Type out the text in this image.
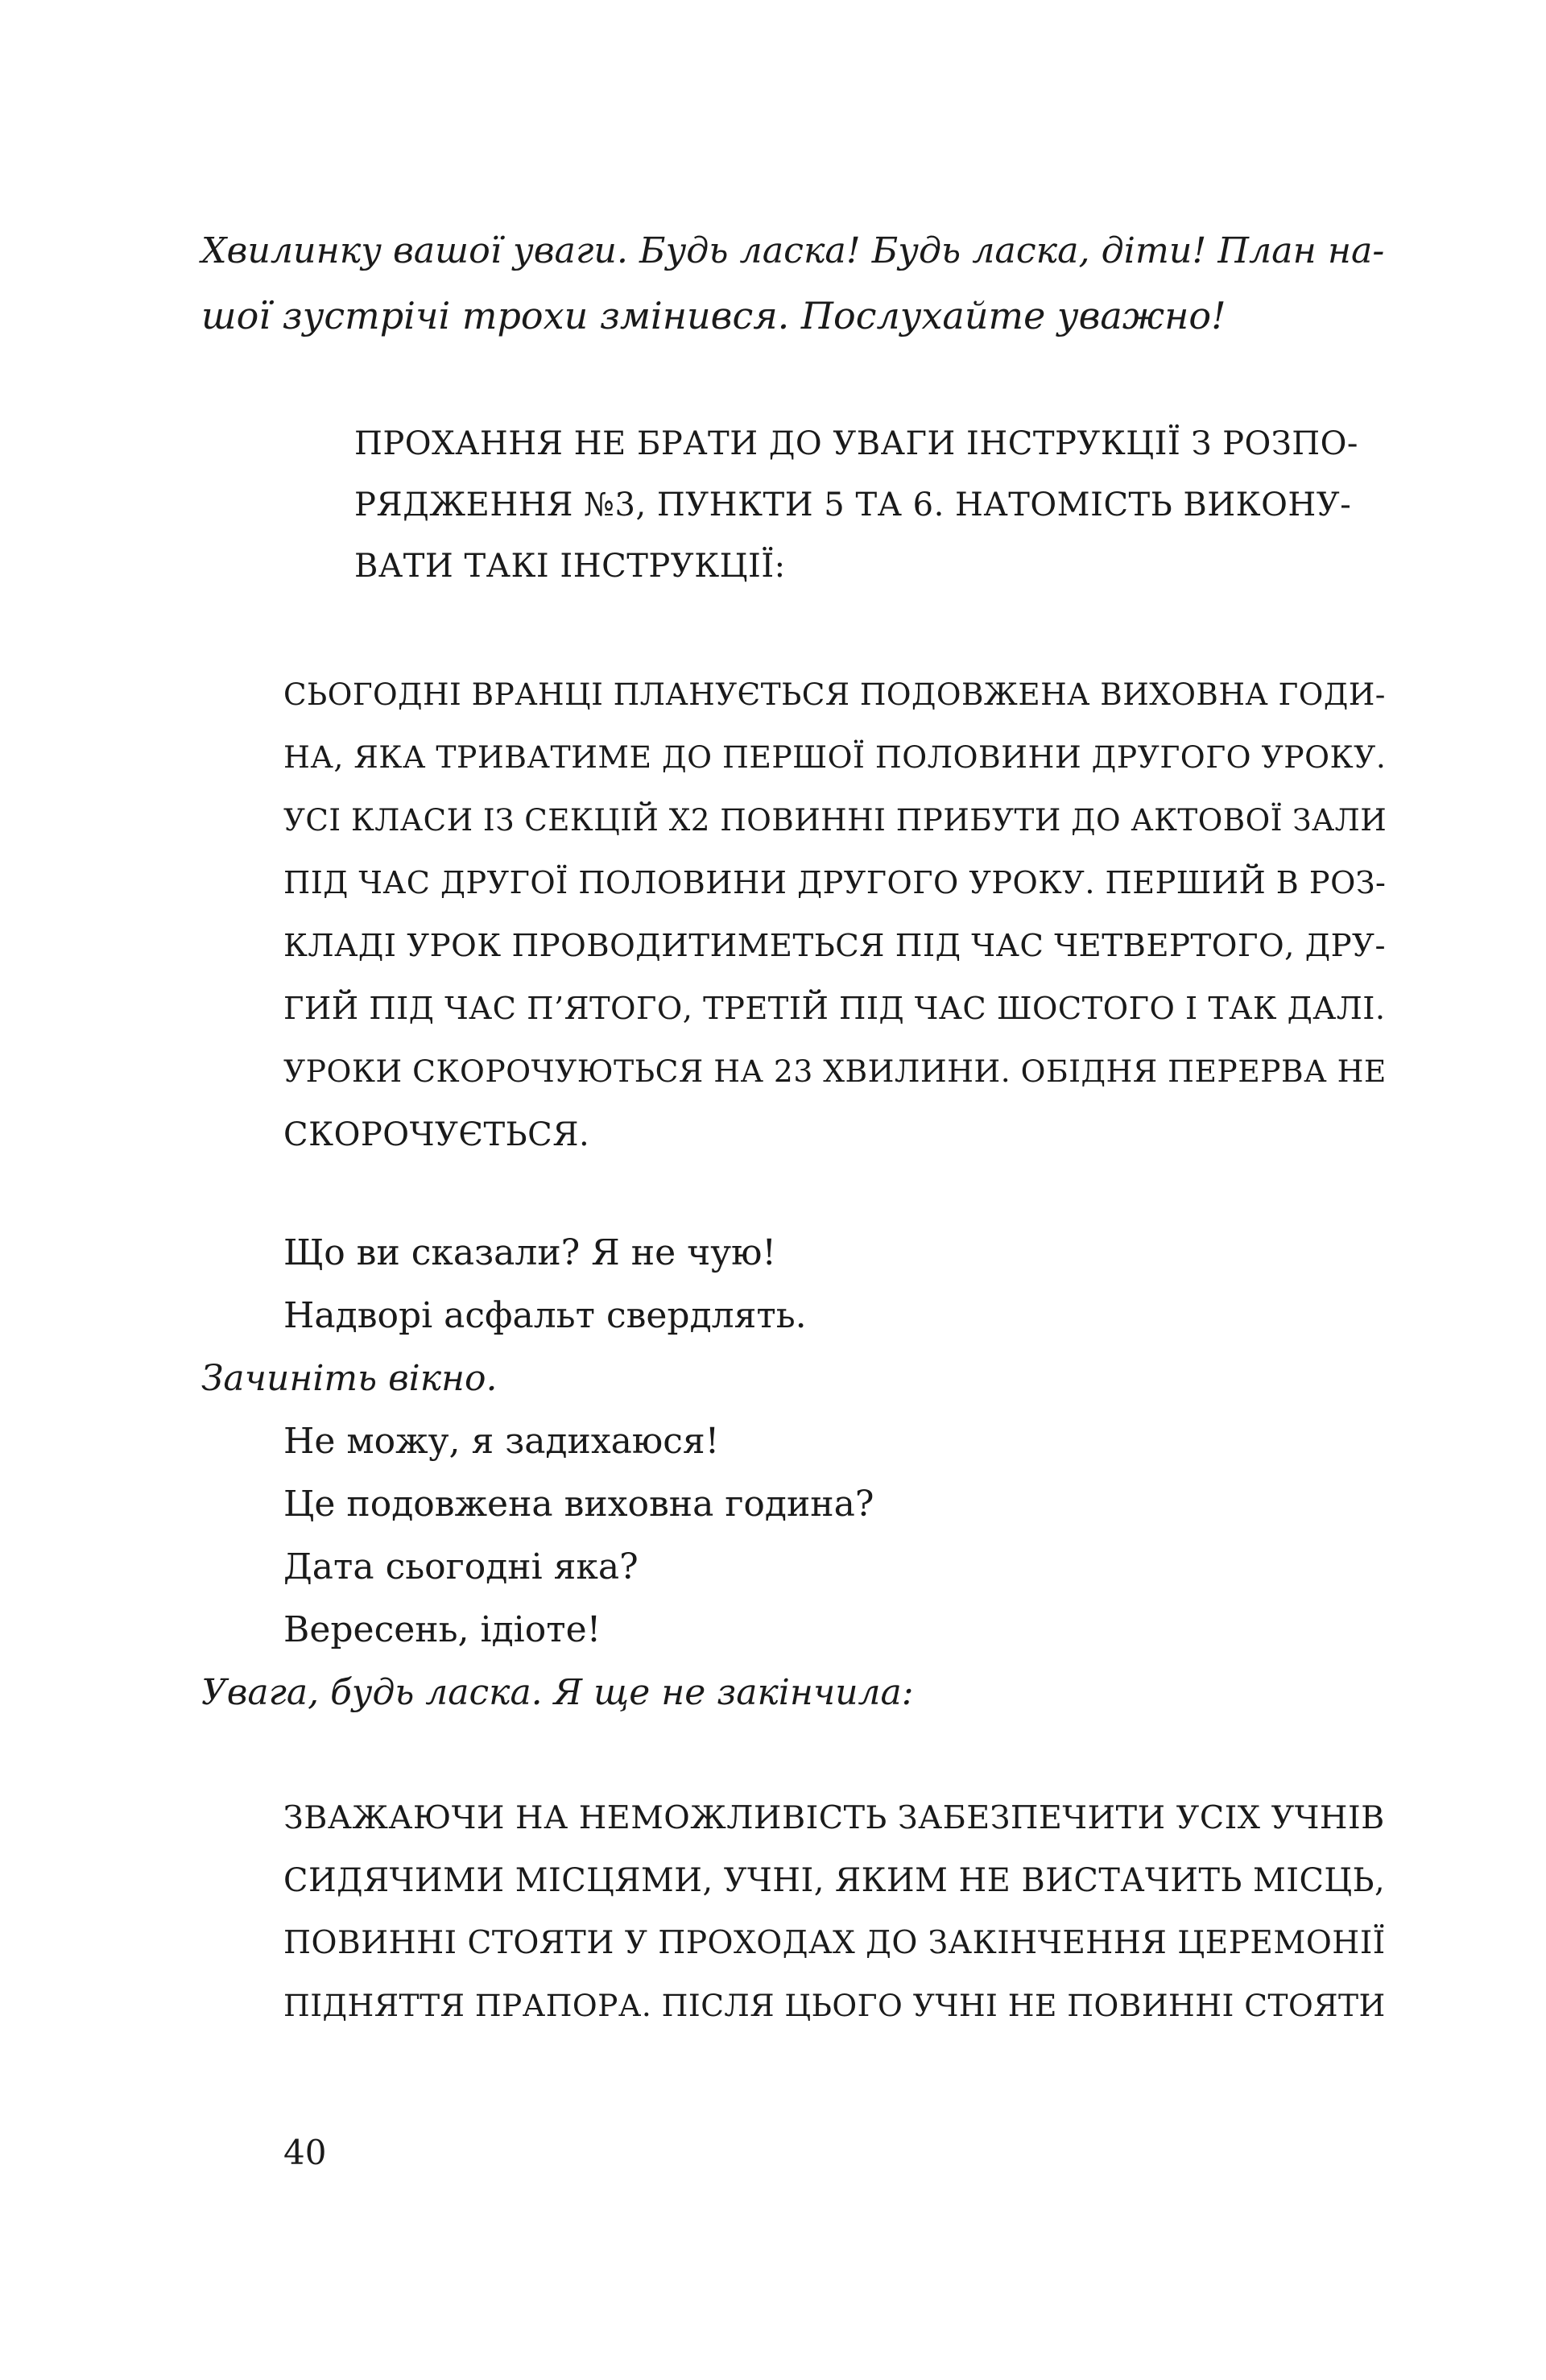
Хвилинку вашої уваги. Будь ласка! Будь ласка, діти! План на-
шої зустрічі трохи змінився. Послухайте уважно!
ПРОХАННЯ НЕ БРАТИ ДО УВАГИ ІНСТРУКЦІЇ З РОЗПО-
РЯДЖЕННЯ №3, ПУНКТИ 5 ТА 6. НАТОМІСТЬ ВИКОНУ-
ВАТИ ТАКІ ІНСТРУКЦІЇ:
СЬОГОДНІ ВРАНЦІ ПЛАНУЄТЬСЯ ПОДОВЖЕНА ВИХОВНА ГОДИ-
НА, ЯКА ТРИВАТИМЕ ДО ПЕРШОЇ ПОЛОВИНИ ДРУГОГО УРОКУ.
УСІ КЛАСИ ІЗ СЕКЦІЙ Х2 ПОВИННІ ПРИБУТИ ДО АКТОВОЇ ЗАЛИ
ПІД ЧАС ДРУГОЇ ПОЛОВИНИ ДРУГОГО УРОКУ. ПЕРШИЙ В РОЗ-
КЛАДІ УРОК ПРОВОДИТИМЕТЬСЯ ПІД ЧАС ЧЕТВЕРТОГО, ДРУ-
ГИЙ ПІД ЧАС П’ЯТОГО, ТРЕТІЙ ПІД ЧАС ШОСТОГО І ТАК ДАЛІ.
УРОКИ СКОРОЧУЮТЬСЯ НА 23 ХВИЛИНИ. ОБІДНЯ ПЕРЕРВА НЕ
СКОРОЧУЄТЬСЯ.
Що ви сказали? Я не чую!
Надворі асфальт свердлять.
Зачиніть вікно.
Не можу, я задихаюся!
Це подовжена виховна година?
Дата сьогодні яка?
Вересень, ідіоте!
Увага, будь ласка. Я ще не закінчила:
ЗВАЖАЮЧИ НА НЕМОЖЛИВІСТЬ ЗАБЕЗПЕЧИТИ УСІХ УЧНІВ
СИДЯЧИМИ МІСЦЯМИ, УЧНІ, ЯКИМ НЕ ВИСТАЧИТЬ МІСЦЬ,
ПОВИННІ СТОЯТИ У ПРОХОДАХ ДО ЗАКІНЧЕННЯ ЦЕРЕМОНІЇ
ПІДНЯТТЯ ПРАПОРА. ПІСЛЯ ЦЬОГО УЧНІ НЕ ПОВИННІ СТОЯТИ
40
